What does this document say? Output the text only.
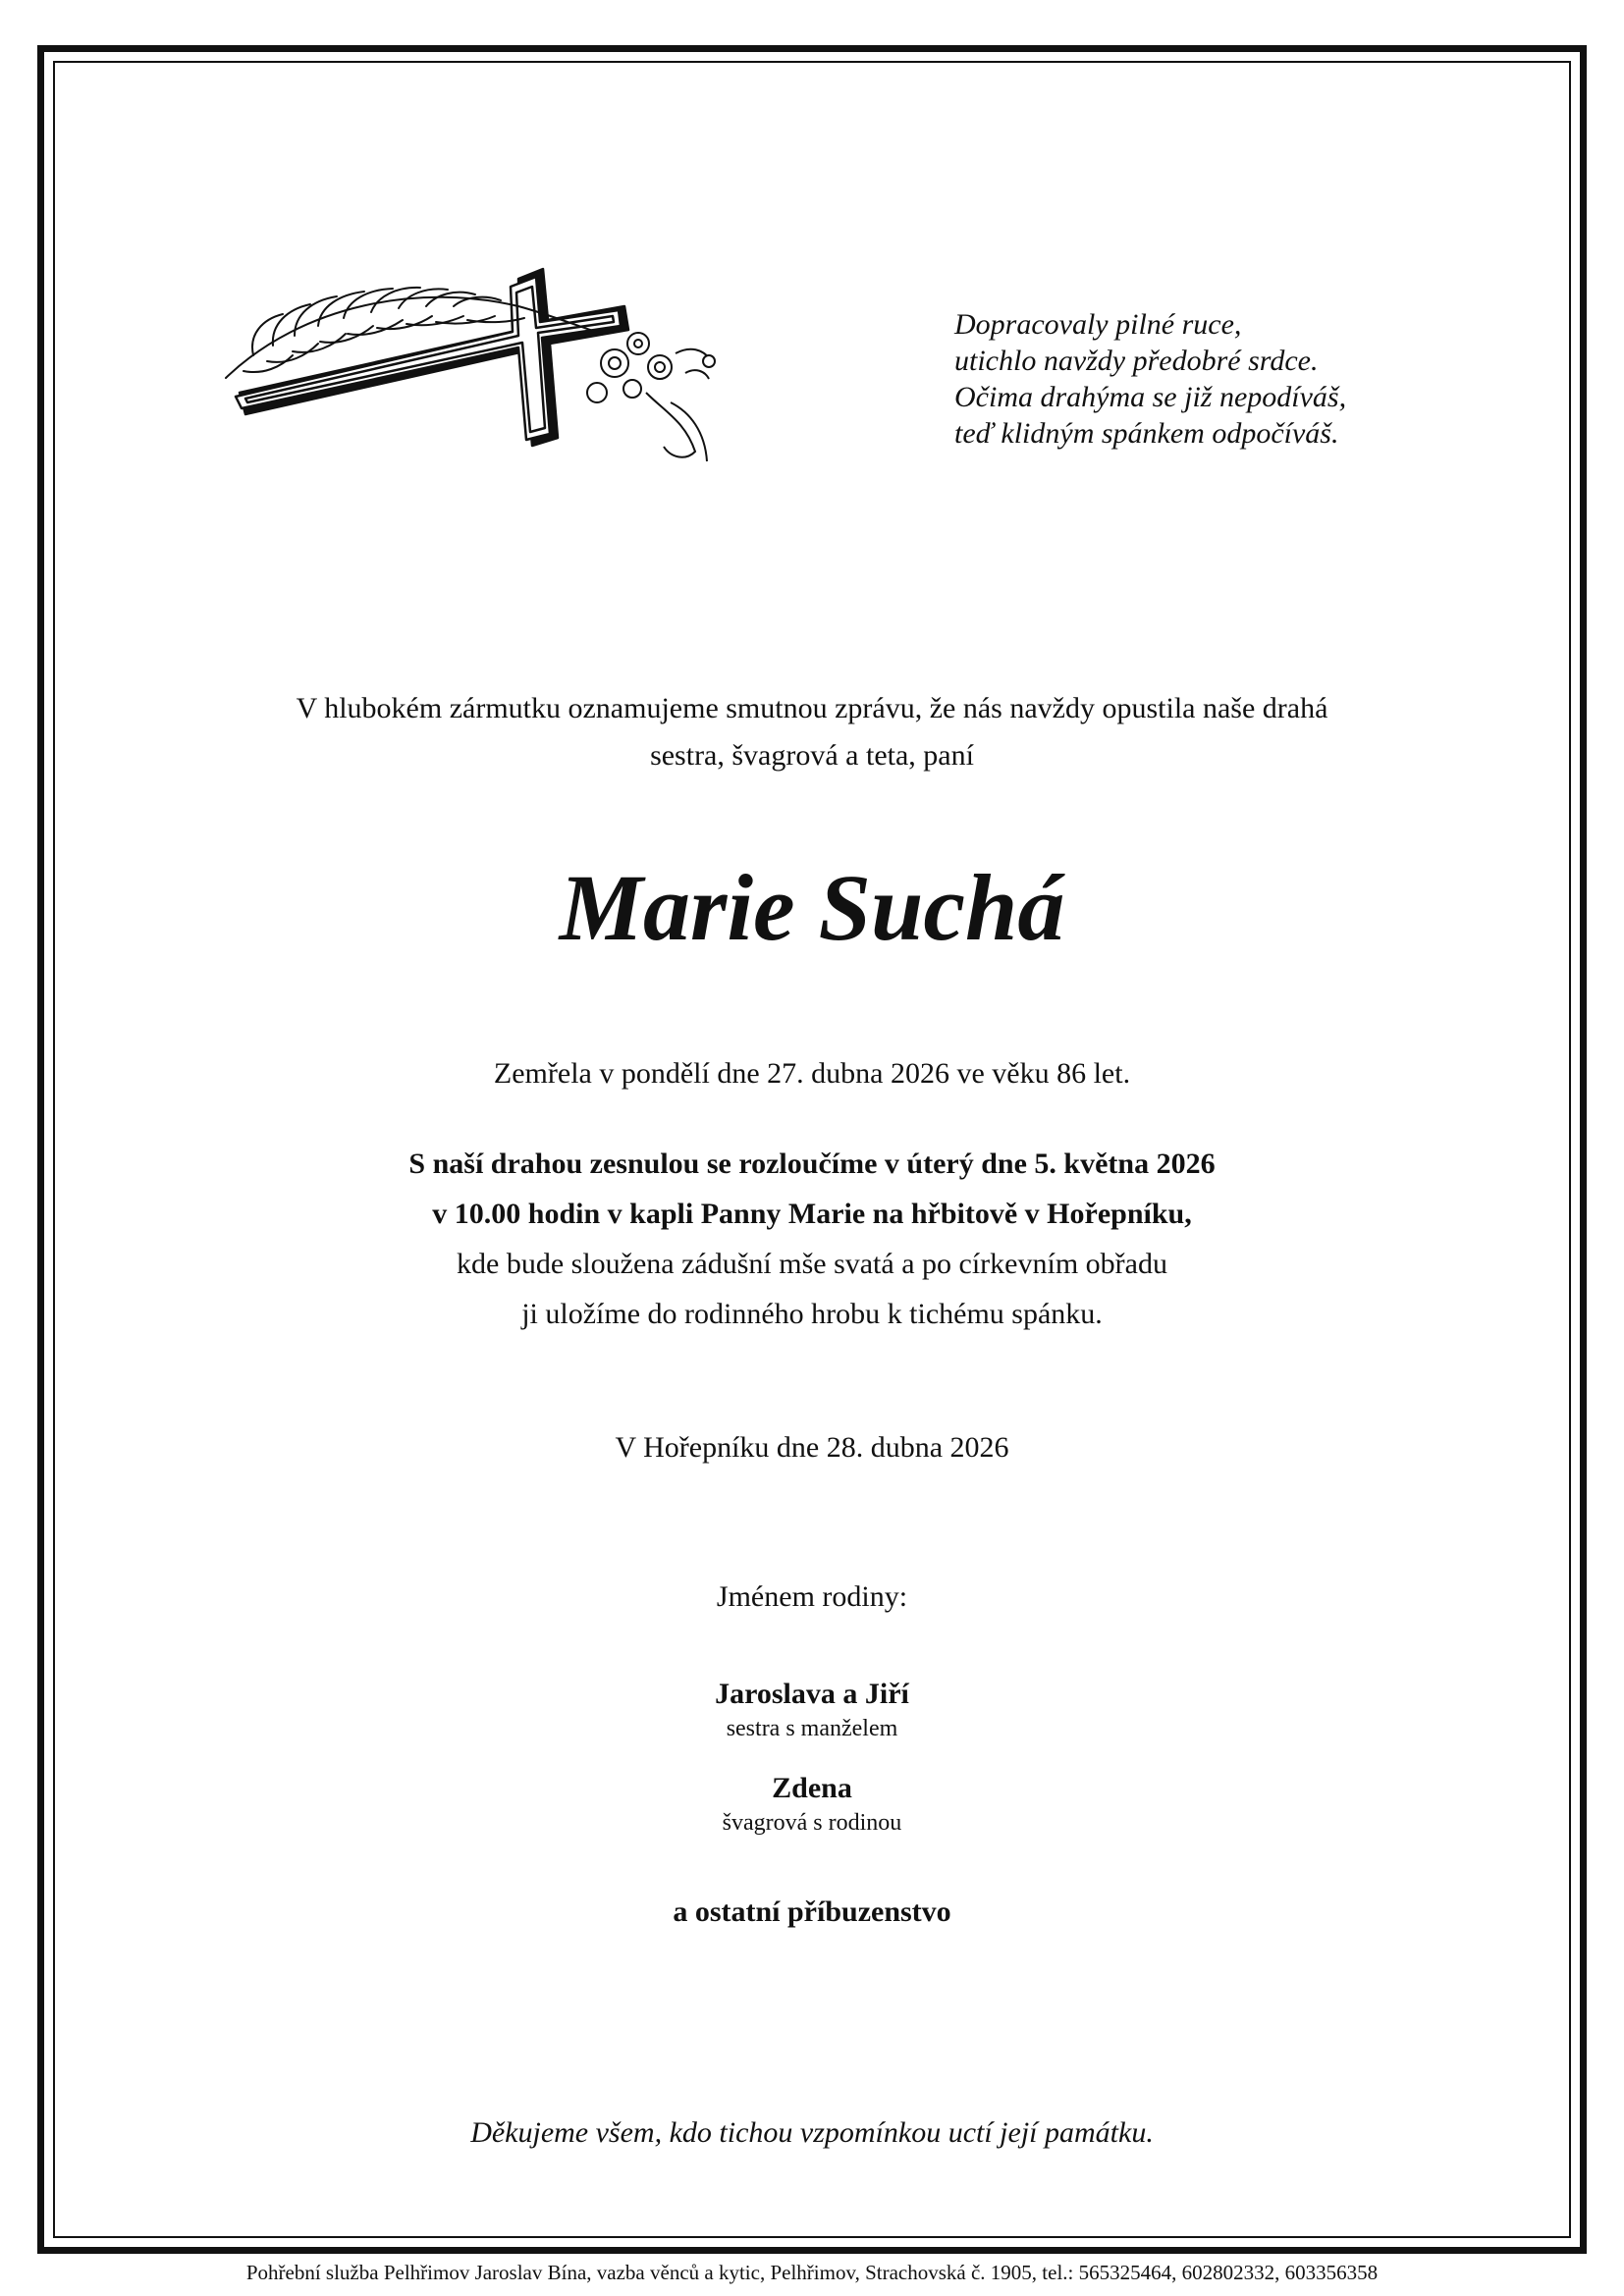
Dopracovaly pilné ruce,
utichlo navždy předobré srdce.
Očima drahýma se již nepodíváš,
teď klidným spánkem odpočíváš.
V hlubokém zármutku oznamujeme smutnou zprávu, že nás navždy opustila naše drahá
sestra, švagrová a teta, paní
Marie Suchá
Zemřela v pondělí dne 27. dubna 2026 ve věku 86 let.
S naší drahou zesnulou se rozloučíme v úterý dne 5. května 2026
v 10.00 hodin v kapli Panny Marie na hřbitově v Hořepníku,
kde bude sloužena zádušní mše svatá a po církevním obřadu
ji uložíme do rodinného hrobu k tichému spánku.
V Hořepníku dne 28. dubna 2026
Jménem rodiny:
Jaroslava a Jiří
sestra s manželem
Zdena
švagrová s rodinou
a ostatní příbuzenstvo
Děkujeme všem, kdo tichou vzpomínkou uctí její památku.
Pohřební služba Pelhřimov Jaroslav Bína, vazba věnců a kytic, Pelhřimov, Strachovská č. 1905, tel.: 565325464, 602802332, 603356358
